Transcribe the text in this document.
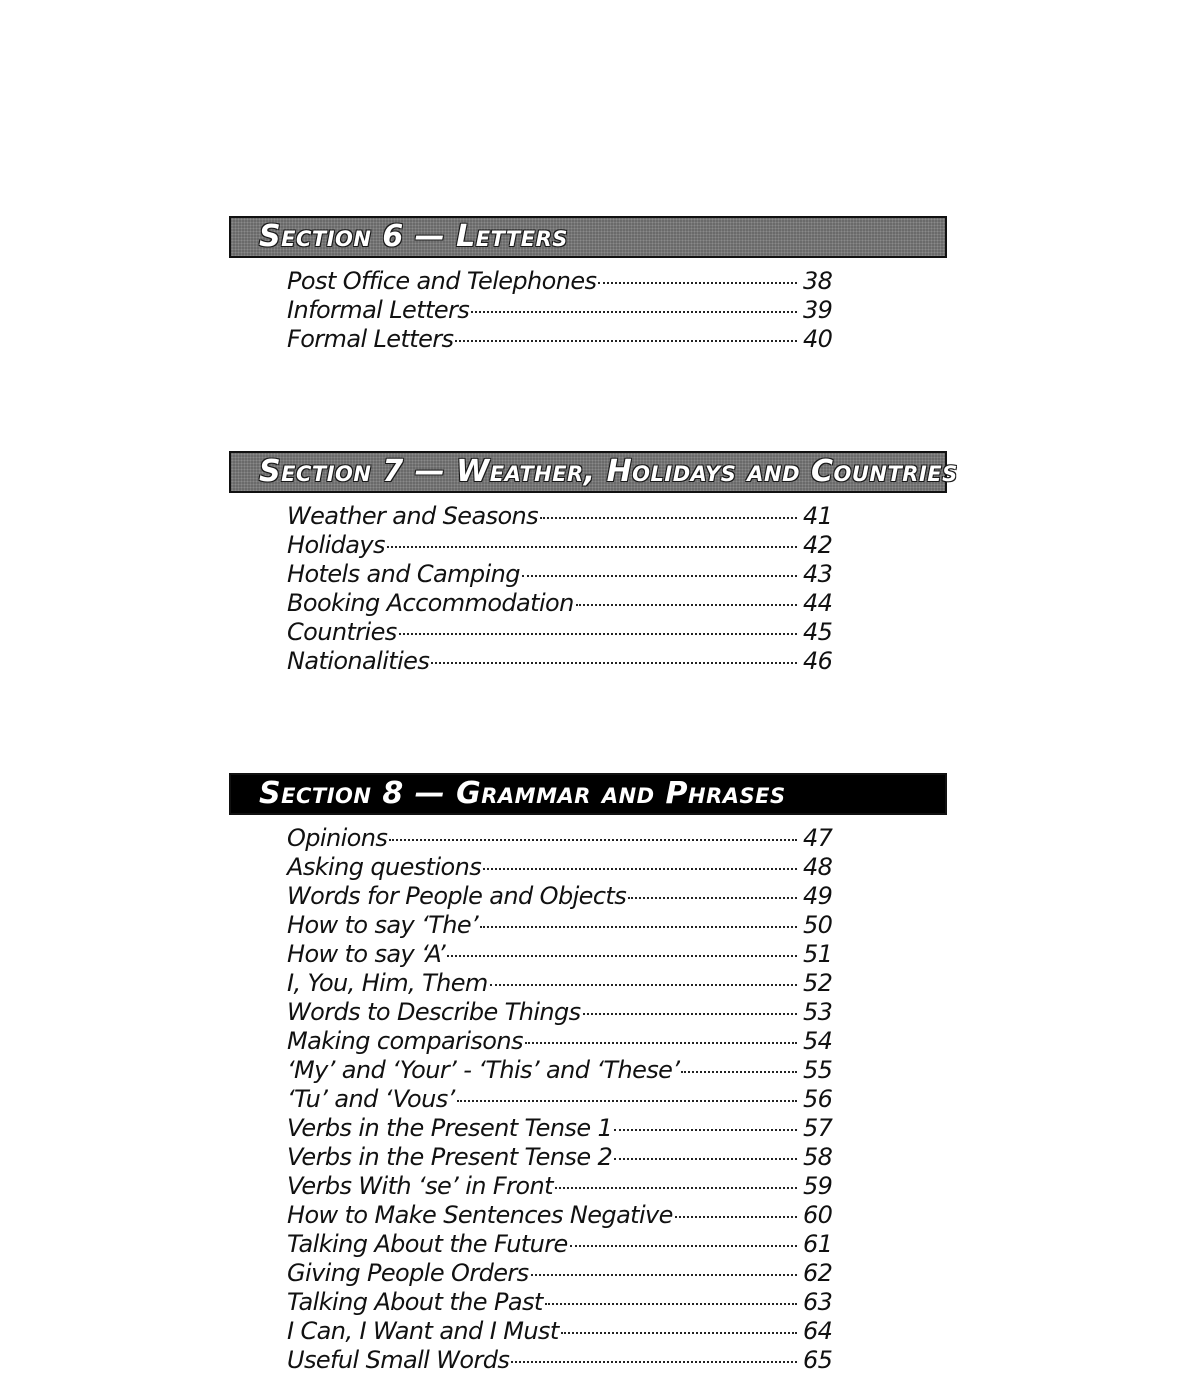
Section 6 — Letters
Post Office and Telephones	38
Informal Letters	39
Formal Letters	40
Section 7 — Weather, Holidays and Countries
Weather and Seasons	41
Holidays	42
Hotels and Camping	43
Booking Accommodation	44
Countries	45
Nationalities	46
Section 8 — Grammar and Phrases
Opinions	47
Asking questions	48
Words for People and Objects	49
How to say ‘The’	50
How to say ‘A’	51
I, You, Him, Them	52
Words to Describe Things	53
Making comparisons	54
‘My’ and ‘Your’ - ‘This’ and ‘These’	55
‘Tu’ and ‘Vous’	56
Verbs in the Present Tense 1	57
Verbs in the Present Tense 2	58
Verbs With ‘se’ in Front	59
How to Make Sentences Negative	60
Talking About the Future	61
Giving People Orders	62
Talking About the Past	63
I Can, I Want and I Must	64
Useful Small Words	65
